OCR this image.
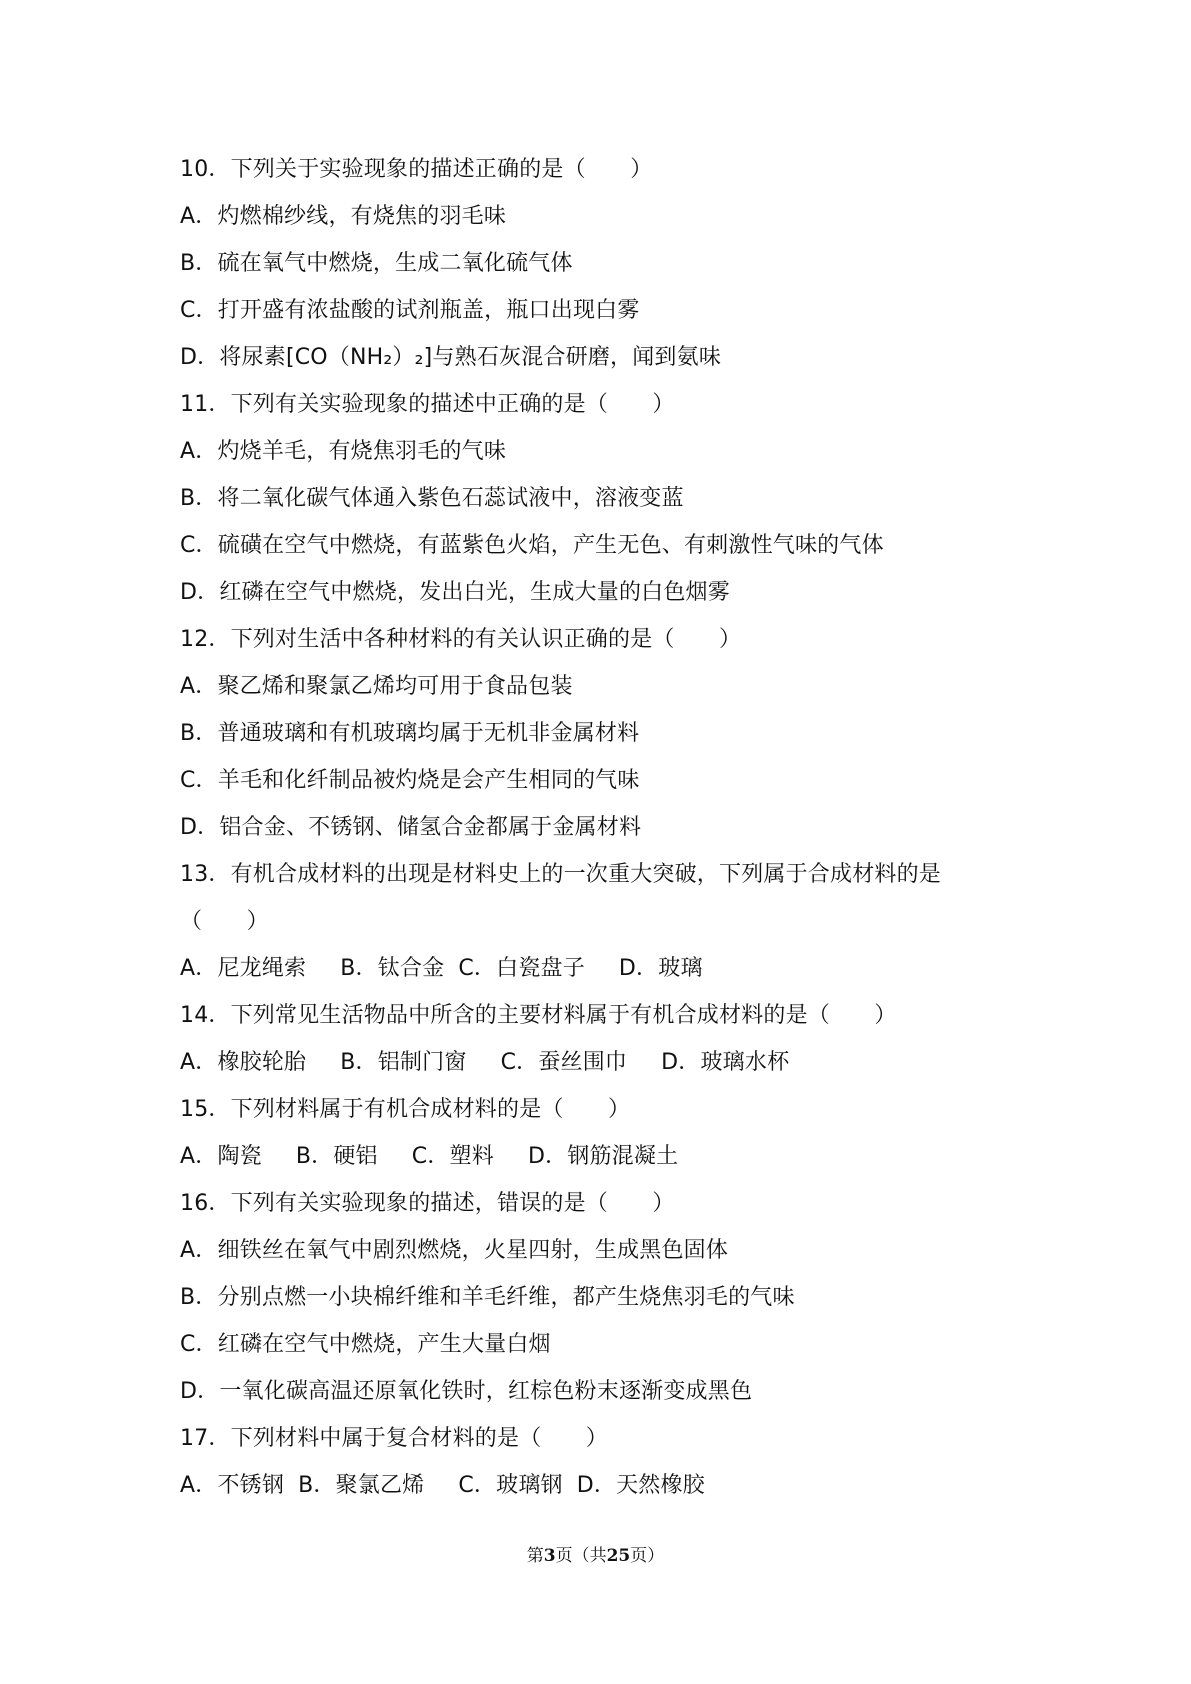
10．下列关于实验现象的描述正确的是（　　）
A．灼燃棉纱线，有烧焦的羽毛味
B．硫在氧气中燃烧，生成二氧化硫气体
C．打开盛有浓盐酸的试剂瓶盖，瓶口出现白雾
D．将尿素[CO（NH₂）₂]与熟石灰混合研磨，闻到氨味
11．下列有关实验现象的描述中正确的是（　　）
A．灼烧羊毛，有烧焦羽毛的气味
B．将二氧化碳气体通入紫色石蕊试液中，溶液变蓝
C．硫磺在空气中燃烧，有蓝紫色火焰，产生无色、有刺激性气味的气体
D．红磷在空气中燃烧，发出白光，生成大量的白色烟雾
12．下列对生活中各种材料的有关认识正确的是（　　）
A．聚乙烯和聚氯乙烯均可用于食品包装
B．普通玻璃和有机玻璃均属于无机非金属材料
C．羊毛和化纤制品被灼烧是会产生相同的气味
D．铝合金、不锈钢、储氢合金都属于金属材料
13．有机合成材料的出现是材料史上的一次重大突破，下列属于合成材料的是
（　　）
A．尼龙绳索 B．钛合金 C．白瓷盘子 D．玻璃
14．下列常见生活物品中所含的主要材料属于有机合成材料的是（　　）
A．橡胶轮胎 B．铝制门窗 C．蚕丝围巾 D．玻璃水杯
15．下列材料属于有机合成材料的是（　　）
A．陶瓷 B．硬铝 C．塑料 D．钢筋混凝土
16．下列有关实验现象的描述，错误的是（　　）
A．细铁丝在氧气中剧烈燃烧，火星四射，生成黑色固体
B．分别点燃一小块棉纤维和羊毛纤维，都产生烧焦羽毛的气味
C．红磷在空气中燃烧，产生大量白烟
D．一氧化碳高温还原氧化铁时，红棕色粉末逐渐变成黑色
17．下列材料中属于复合材料的是（　　）
A．不锈钢 B．聚氯乙烯 C．玻璃钢 D．天然橡胶
第3页（共25页）
